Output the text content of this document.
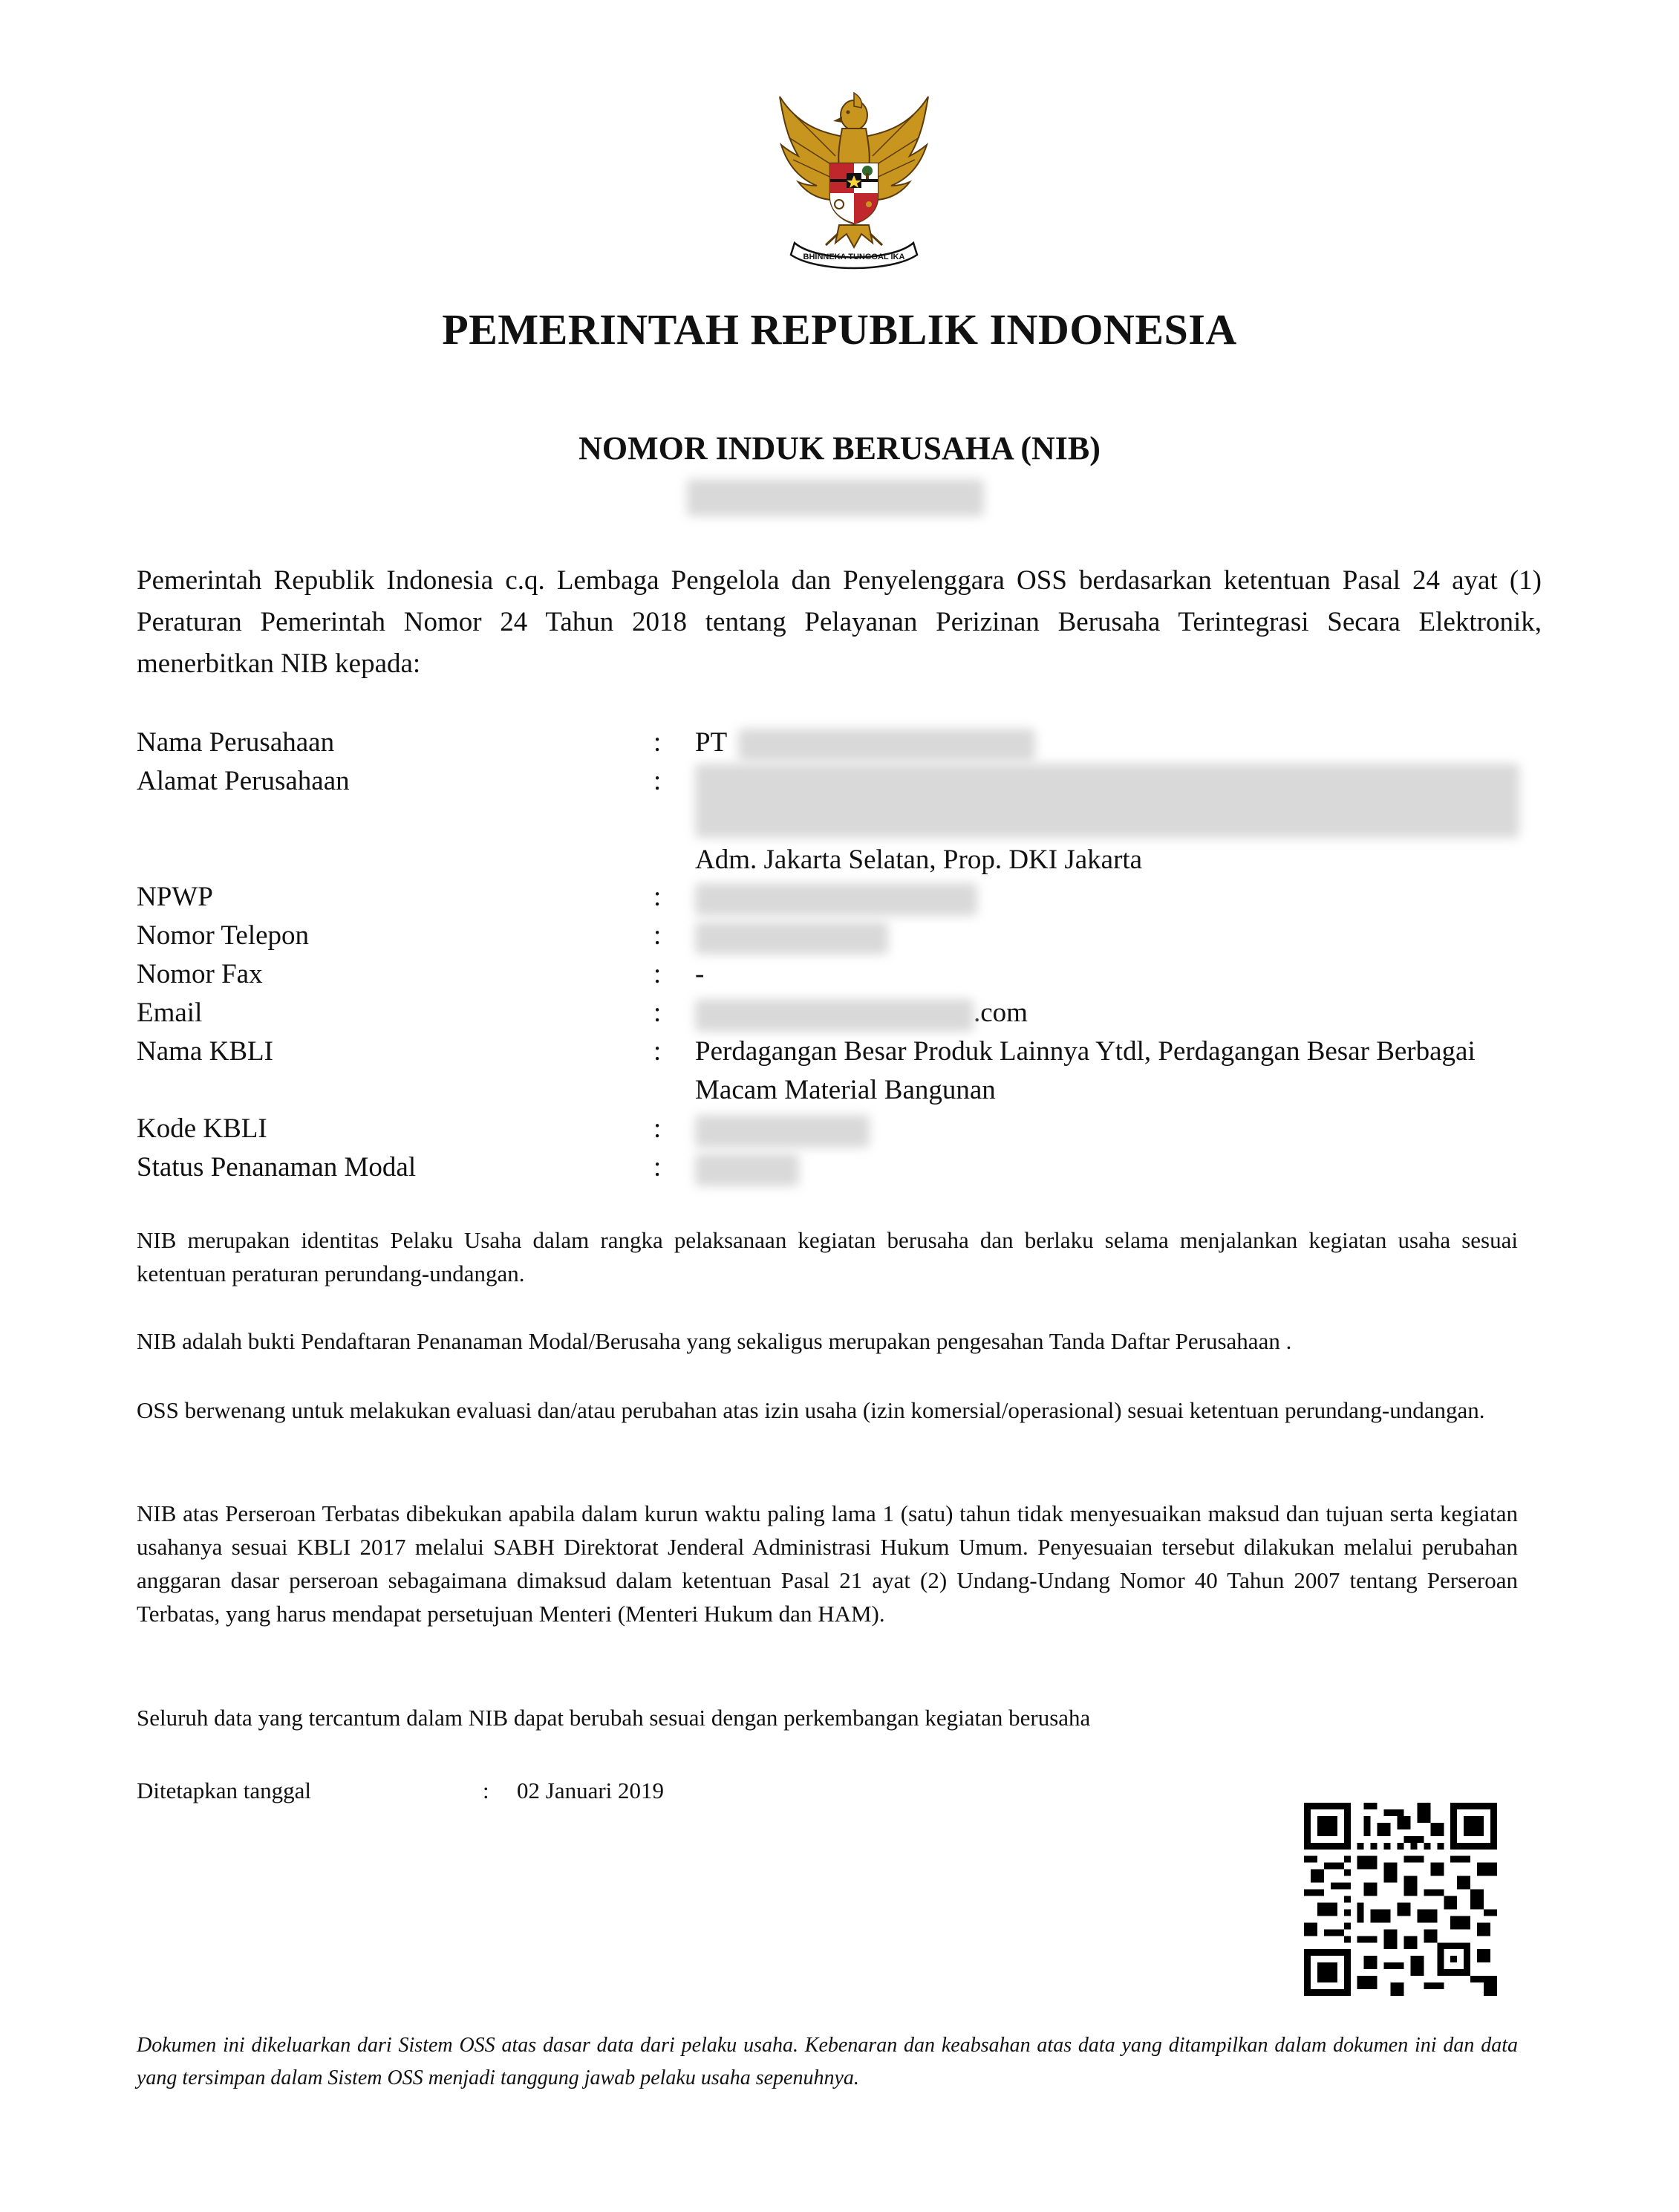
BHINNEKA TUNGGAL IKA
PEMERINTAH REPUBLIK INDONESIA
NOMOR INDUK BERUSAHA (NIB)
Pemerintah Republik Indonesia c.q. Lembaga Pengelola dan Penyelenggara OSS berdasarkan ketentuan Pasal 24 ayat (1) Peraturan Pemerintah Nomor 24 Tahun 2018 tentang Pelayanan Perizinan Berusaha Terintegrasi Secara Elektronik, menerbitkan NIB kepada:
Nama Perusahaan	: PT
Alamat Perusahaan	:
Adm. Jakarta Selatan, Prop. DKI Jakarta
NPWP	:
Nomor Telepon	:
Nomor Fax	: -
Email	:	.com
Nama KBLI	: Perdagangan Besar Produk Lainnya Ytdl, Perdagangan Besar Berbagai Macam Material Bangunan
Kode KBLI	:
Status Penanaman Modal	:
NIB merupakan identitas Pelaku Usaha dalam rangka pelaksanaan kegiatan berusaha dan berlaku selama menjalankan kegiatan usaha sesuai ketentuan peraturan perundang-undangan.
NIB adalah bukti Pendaftaran Penanaman Modal/Berusaha yang sekaligus merupakan pengesahan Tanda Daftar Perusahaan .
OSS berwenang untuk melakukan evaluasi dan/atau perubahan atas izin usaha (izin komersial/operasional) sesuai ketentuan perundang-undangan.
NIB atas Perseroan Terbatas dibekukan apabila dalam kurun waktu paling lama 1 (satu) tahun tidak menyesuaikan maksud dan tujuan serta kegiatan usahanya sesuai KBLI 2017 melalui SABH Direktorat Jenderal Administrasi Hukum Umum. Penyesuaian tersebut dilakukan melalui perubahan anggaran dasar perseroan sebagaimana dimaksud dalam ketentuan Pasal 21 ayat (2) Undang-Undang Nomor 40 Tahun 2007 tentang Perseroan Terbatas, yang harus mendapat persetujuan Menteri (Menteri Hukum dan HAM).
Seluruh data yang tercantum dalam NIB dapat berubah sesuai dengan perkembangan kegiatan berusaha
Ditetapkan tanggal	: 02 Januari 2019
Dokumen ini dikeluarkan dari Sistem OSS atas dasar data dari pelaku usaha. Kebenaran dan keabsahan atas data yang ditampilkan dalam dokumen ini dan data yang tersimpan dalam Sistem OSS menjadi tanggung jawab pelaku usaha sepenuhnya.
